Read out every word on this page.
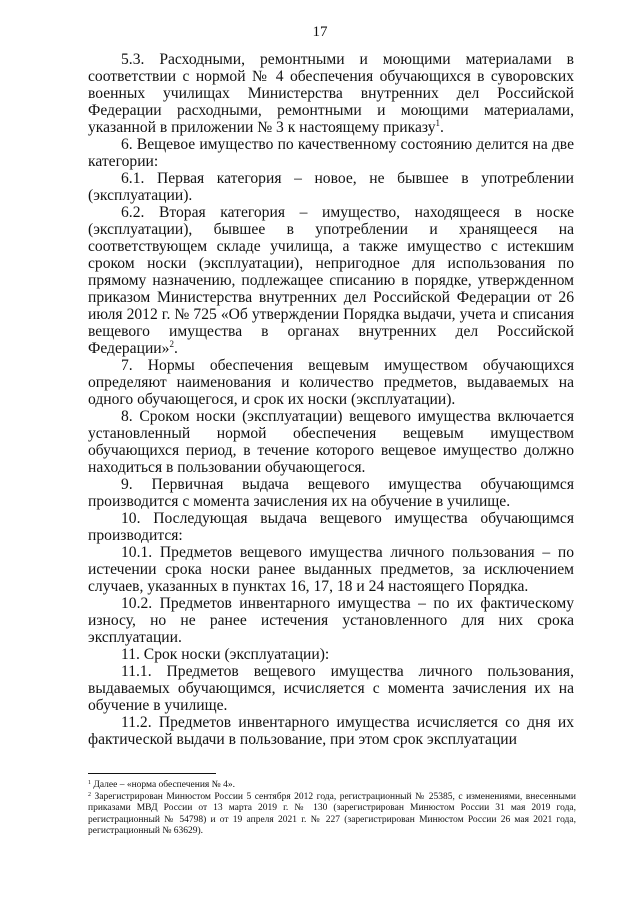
17

5.3. Расходными, ремонтными и моющими материалами в соответствии с нормой № 4 обеспечения обучающихся в суворовских военных училищах Министерства внутренних дел Российской Федерации расходными, ремонтными и моющими материалами, указанной в приложении № 3 к настоящему приказу$^1$.

6. Вещевое имущество по качественному состоянию делится на две категории:

6.1. Первая категория – новое, не бывшее в употреблении (эксплуатации).

6.2. Вторая категория – имущество, находящееся в носке (эксплуатации), бывшее в употреблении и хранящееся на соответствующем складе училища, а также имущество с истекшим сроком носки (эксплуатации), непригодное для использования по прямому назначению, подлежащее списанию в порядке, утвержденном приказом Министерства внутренних дел Российской Федерации от 26 июля 2012 г. № 725 «Об утверждении Порядка выдачи, учета и списания вещевого имущества в органах внутренних дел Российской Федерации»$^2$.

7. Нормы обеспечения вещевым имуществом обучающихся определяют наименования и количество предметов, выдаваемых на одного обучающегося, и срок их носки (эксплуатации).

8. Сроком носки (эксплуатации) вещевого имущества включается установленный нормой обеспечения вещевым имуществом обучающихся период, в течение которого вещевое имущество должно находиться в пользовании обучающегося.

9. Первичная выдача вещевого имущества обучающимся производится с момента зачисления их на обучение в училище.

10. Последующая выдача вещевого имущества обучающимся производится:

10.1. Предметов вещевого имущества личного пользования – по истечении срока носки ранее выданных предметов, за исключением случаев, указанных в пунктах 16, 17, 18 и 24 настоящего Порядка.

10.2. Предметов инвентарного имущества – по их фактическому износу, но не ранее истечения установленного для них срока эксплуатации.

11. Срок носки (эксплуатации):

11.1. Предметов вещевого имущества личного пользования, выдаваемых обучающимся, исчисляется с момента зачисления их на обучение в училище.

11.2. Предметов инвентарного имущества исчисляется со дня их фактической выдачи в пользование, при этом срок эксплуатации

$^1$ Далее – «норма обеспечения № 4».

$^2$ Зарегистрирован Минюстом России 5 сентября 2012 года, регистрационный № 25385, с изменениями, внесенными приказами МВД России от 13 марта 2019 г. № 130 (зарегистрирован Минюстом России 31 мая 2019 года, регистрационный № 54798) и от 19 апреля 2021 г. № 227 (зарегистрирован Минюстом России 26 мая 2021 года, регистрационный № 63629).
